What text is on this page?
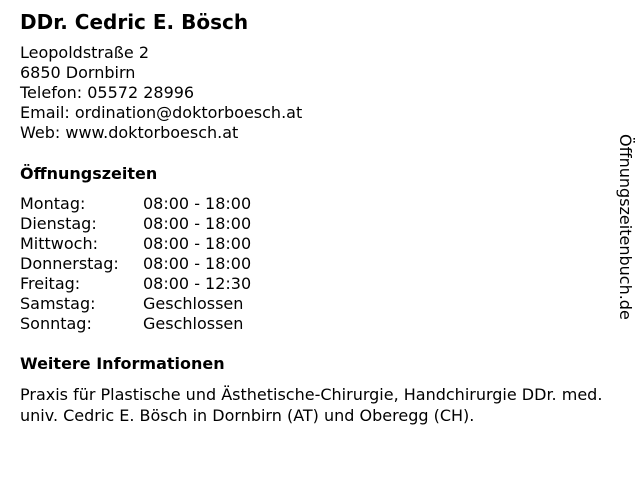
DDr. Cedric E. Bösch
Leopoldstraße 2
6850 Dornbirn
Telefon: 05572 28996
Email: ordination@doktorboesch.at
Web: www.doktorboesch.at
Öffnungszeiten
Montag:	08:00 - 18:00
Dienstag:	08:00 - 18:00
Mittwoch:	08:00 - 18:00
Donnerstag: 08:00 - 18:00
Freitag:	08:00 - 12:30
Samstag:	Geschlossen
Sonntag:	Geschlossen
Weitere Informationen
Praxis für Plastische und Ästhetische-Chirurgie, Handchirurgie DDr. med. univ. Cedric E. Bösch in Dornbirn (AT) und Oberegg (CH).
Öffnungszeitenbuch.de
